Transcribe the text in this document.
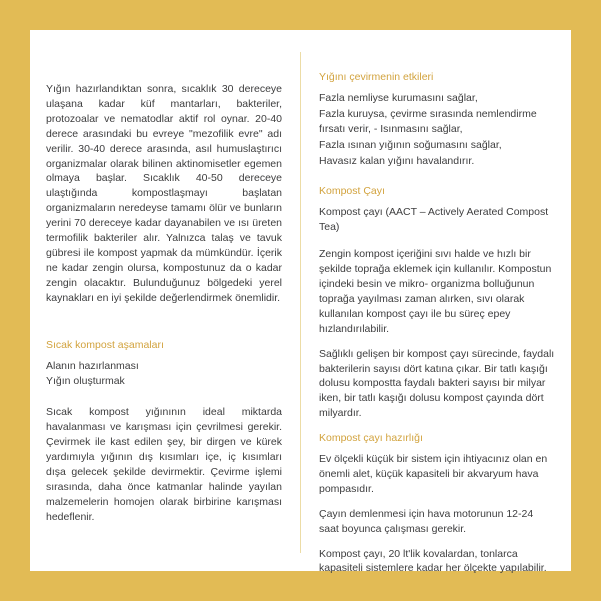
Yığın hazırlandıktan sonra, sıcaklık 30 dereceye ulaşana kadar küf mantarları, bakteriler, protozoalar ve nematodlar aktif rol oynar. 20-40 derece arasındaki bu evreye "mezofilik evre" adı verilir. 30-40 derece arasında, asıl humuslaştırıcı organizmalar olarak bilinen aktinomisetler egemen olmaya başlar. Sıcaklık 40-50 dereceye ulaştığında kompostlaşmayı başlatan organizmaların neredeyse tamamı ölür ve bunların yerini 70 dereceye kadar dayanabilen ve ısı üreten termofilik bakteriler alır. Yalnızca talaş ve tavuk gübresi ile kompost yapmak da mümkündür. İçerik ne kadar zengin olursa, kompostunuz da o kadar zengin olacaktır. Bulunduğunuz bölgedeki yerel kaynakları en iyi şekilde değerlendirmek önemlidir.

Sıcak kompost aşamaları
Alanın hazırlanması
Yığın oluşturmak

Sıcak kompost yığınının ideal miktarda havalanması ve karışması için çevrilmesi gerekir. Çevirmek ile kast edilen şey, bir dirgen ve kürek yardımıyla yığının dış kısımları içe, iç kısımları dışa gelecek şekilde devirmektir. Çevirme işlemi sırasında, daha önce katmanlar halinde yayılan malzemelerin homojen olarak birbirine karışması hedeflenir.

Yığını çevirmenin etkileri
Fazla nemliyse kurumasını sağlar,
Fazla kuruysa, çevirme sırasında nemlendirme fırsatı verir, - Isınmasını sağlar,
Fazla ısınan yığının soğumasını sağlar,
Havasız kalan yığını havalandırır.
Kompost Çayı

Kompost çayı (AACT – Actively Aerated Compost Tea)

Zengin kompost içeriğini sıvı halde ve hızlı bir şekilde toprağa eklemek için kullanılır. Kompostun içindeki besin ve mikro- organizma bolluğunun toprağa yayılması zaman alırken, sıvı olarak kullanılan kompost çayı ile bu süreç epey hızlandırılabilir.

Sağlıklı gelişen bir kompost çayı sürecinde, faydalı bakterilerin sayısı dört katına çıkar. Bir tatlı kaşığı dolusu kompostta faydalı bakteri sayısı bir milyar iken, bir tatlı kaşığı dolusu kompost çayında dört milyardır.

Kompost çayı hazırlığı

Ev ölçekli küçük bir sistem için ihtiyacınız olan en önemli alet, küçük kapasiteli bir akvaryum hava pompasıdır.

Çayın demlenmesi için hava motorunun 12-24 saat boyunca çalışması gerekir.

Kompost çayı, 20 lt'lik kovalardan, tonlarca kapasiteli sistemlere kadar her ölçekte yapılabilir.
